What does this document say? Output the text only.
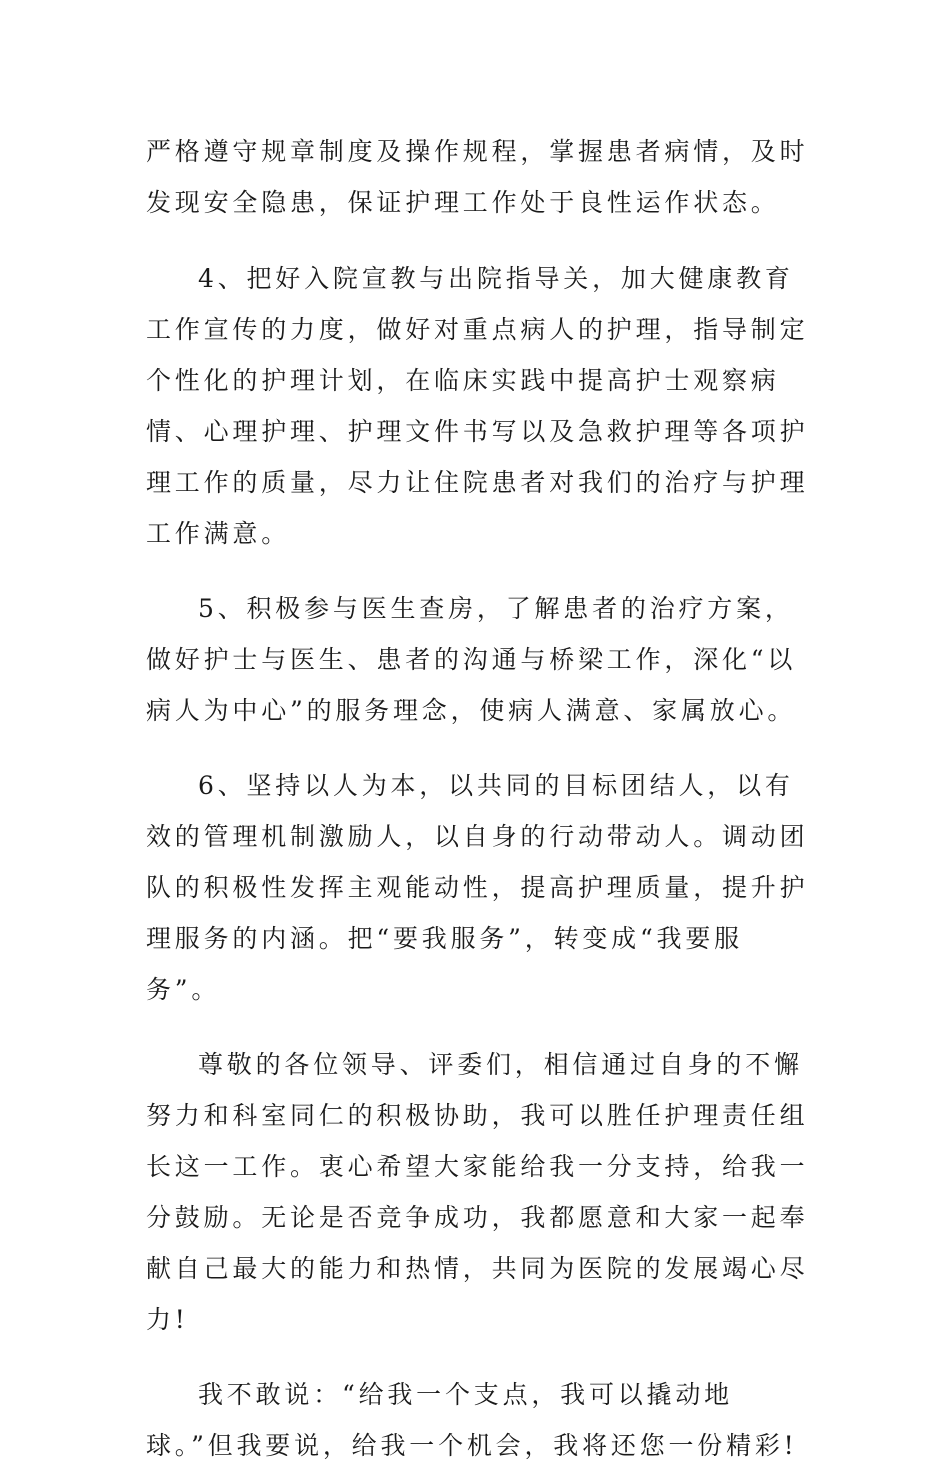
严格遵守规章制度及操作规程，掌握患者病情，及时发现安全隐患，保证护理工作处于良性运作状态。

4、把好入院宣教与出院指导关，加大健康教育工作宣传的力度，做好对重点病人的护理，指导制定个性化的护理计划，在临床实践中提高护士观察病情、心理护理、护理文件书写以及急救护理等各项护理工作的质量，尽力让住院患者对我们的治疗与护理工作满意。

5、积极参与医生查房，了解患者的治疗方案，做好护士与医生、患者的沟通与桥梁工作，深化“以病人为中心”的服务理念，使病人满意、家属放心。

6、坚持以人为本，以共同的目标团结人，以有效的管理机制激励人，以自身的行动带动人。调动团队的积极性发挥主观能动性，提高护理质量，提升护理服务的内涵。把“要我服务”，转变成“我要服务”。

尊敬的各位领导、评委们，相信通过自身的不懈努力和科室同仁的积极协助，我可以胜任护理责任组长这一工作。衷心希望大家能给我一分支持，给我一分鼓励。无论是否竞争成功，我都愿意和大家一起奉献自己最大的能力和热情，共同为医院的发展竭心尽力!

我不敢说：“给我一个支点，我可以撬动地球。”但我要说，给我一个机会，我将还您一份精彩!
